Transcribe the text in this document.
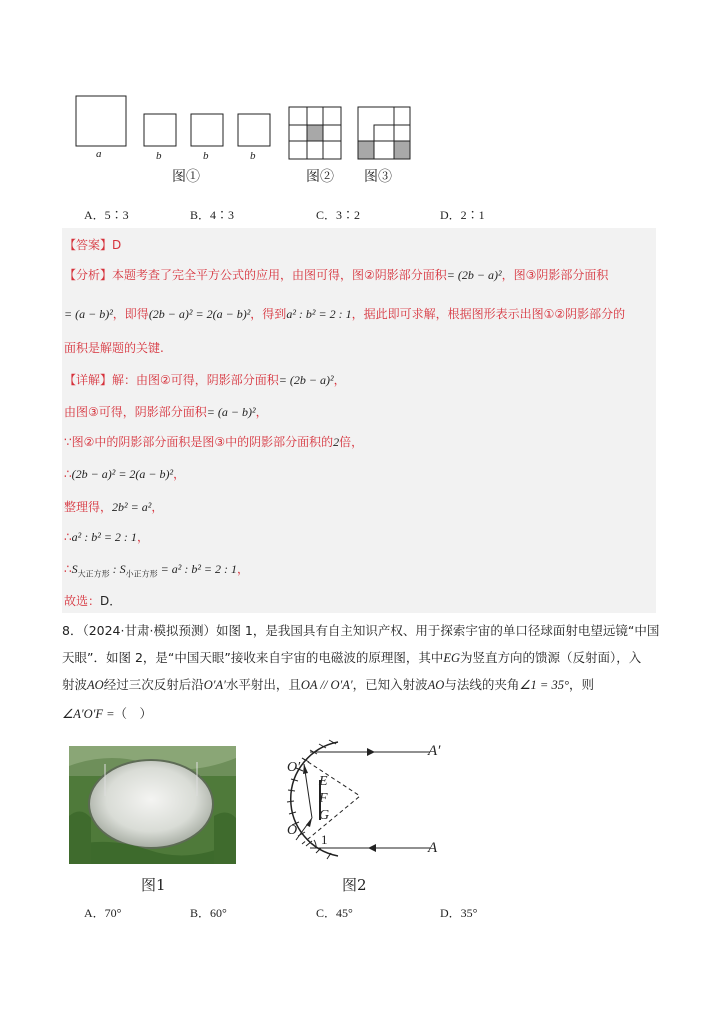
a	b	b	b
图①	图② 图③
A．5∶3	B．4∶3	C．3∶2	D．2∶1
【答案】D
【分析】本题考查了完全平方公式的应用，由图可得，图②阴影部分面积= (2b − a)²，图③阴影部分面积
= (a − b)²，即得(2b − a)² = 2(a − b)²，得到a² : b² = 2 : 1，据此即可求解，根据图形表示出图①②阴影部分的
面积是解题的关键.
【详解】解：由图②可得，阴影部分面积= (2b − a)²，
由图③可得，阴影部分面积= (a − b)²，
∵图②中的阴影部分面积是图③中的阴影部分面积的2倍，
∴(2b − a)² = 2(a − b)²，
整理得，2b² = a²，
∴a² : b² = 2 : 1，
$\therefore S_{大正方形}$ : $S_{小正方形} = a^2$ : b² = 2 : 1，
故选：D．
8．（2024·甘肃·模拟预测）如图 1，是我国具有自主知识产权、用于探索宇宙的单口径球面射电望远镜“中国
天眼”．如图 2，是“中国天眼”接收来自宇宙的电磁波的原理图，其中EG为竖直方向的馈源（反射面），入
射波AO经过三次反射后沿O′A′水平射出，且OA // O′A′，已知入射波AO与法线的夹角∠1 = 35°，则
∠A′O′F =（　）
A′
O′
E
F
G
O
1
A
图1	图2
A．70°	B．60°	C．45°	D．35°
